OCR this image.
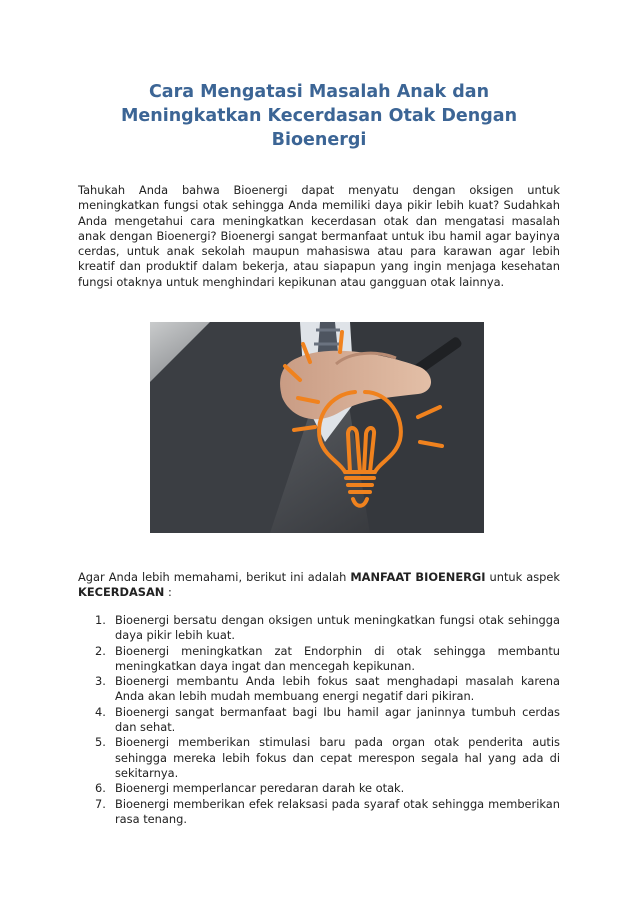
Cara Mengatasi Masalah Anak dan Meningkatkan Kecerdasan Otak Dengan Bioenergi

Tahukah Anda bahwa Bioenergi dapat menyatu dengan oksigen untuk meningkatkan fungsi otak sehingga Anda memiliki daya pikir lebih kuat? Sudahkah Anda mengetahui cara meningkatkan kecerdasan otak dan mengatasi masalah anak dengan Bioenergi? Bioenergi sangat bermanfaat untuk ibu hamil agar bayinya cerdas, untuk anak sekolah maupun mahasiswa atau para karawan agar lebih kreatif dan produktif dalam bekerja, atau siapapun yang ingin menjaga kesehatan fungsi otaknya untuk menghindari kepikunan atau gangguan otak lainnya.

Agar Anda lebih memahami, berikut ini adalah MANFAAT BIOENERGI untuk aspek KECERDASAN :

1. Bioenergi bersatu dengan oksigen untuk meningkatkan fungsi otak sehingga daya pikir lebih kuat.
2. Bioenergi meningkatkan zat Endorphin di otak sehingga membantu meningkatkan daya ingat dan mencegah kepikunan.
3. Bioenergi membantu Anda lebih fokus saat menghadapi masalah karena Anda akan lebih mudah membuang energi negatif dari pikiran.
4. Bioenergi sangat bermanfaat bagi Ibu hamil agar janinnya tumbuh cerdas dan sehat.
5. Bioenergi memberikan stimulasi baru pada organ otak penderita autis sehingga mereka lebih fokus dan cepat merespon segala hal yang ada di sekitarnya.
6. Bioenergi memperlancar peredaran darah ke otak.
7. Bioenergi memberikan efek relaksasi pada syaraf otak sehingga memberikan rasa tenang.
